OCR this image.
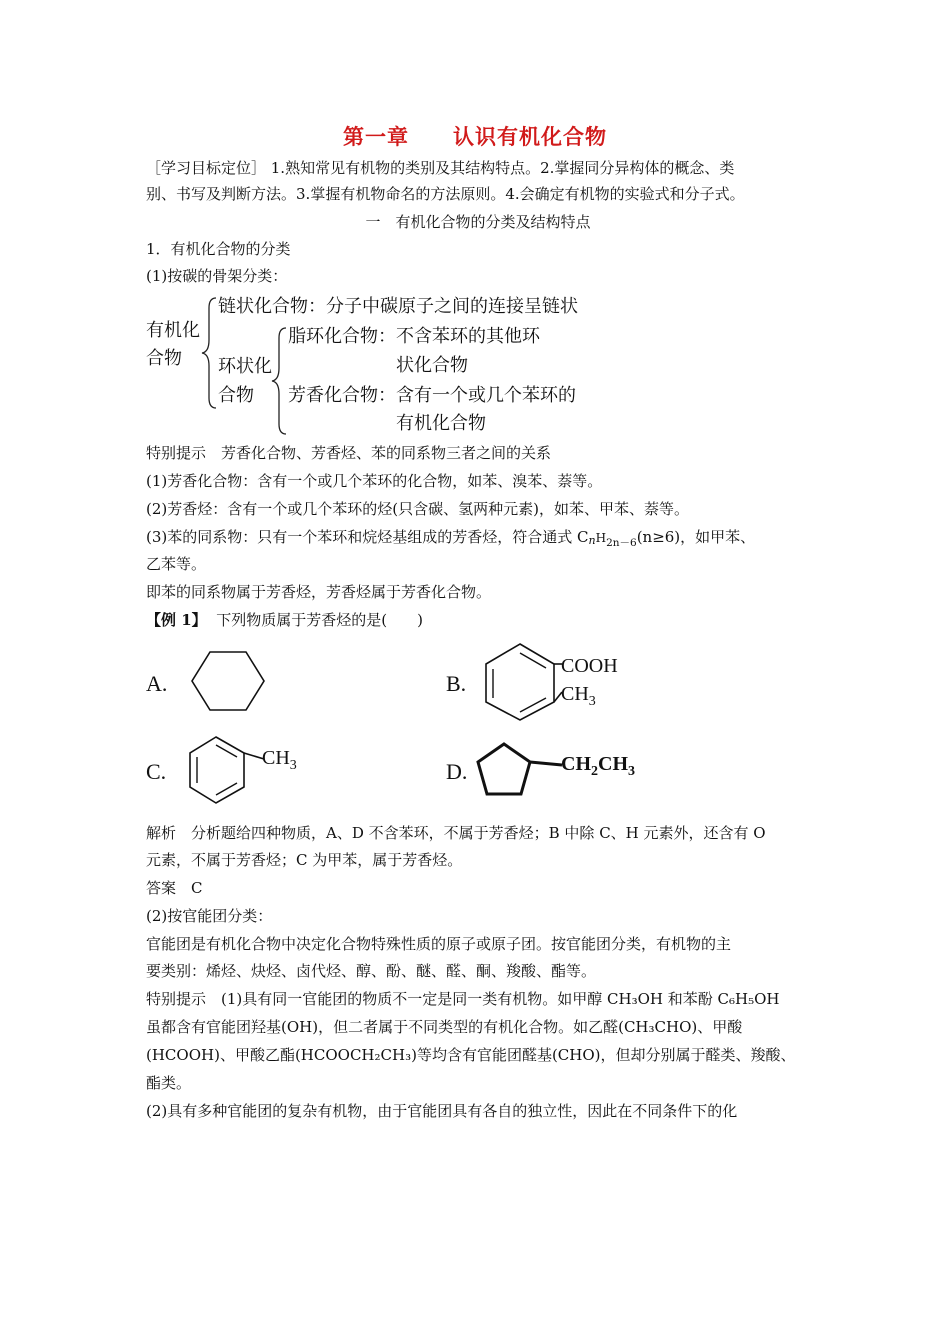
第一章 认识有机化合物
［学习目标定位］ 1.熟知常见有机物的类别及其结构特点。2.掌握同分异构体的概念、类
别、书写及判断方法。3.掌握有机物命名的方法原则。4.会确定有机物的实验式和分子式。
一　有机化合物的分类及结构特点
1．有机化合物的分类
(1)按碳的骨架分类：
有机化
合物
链状化合物：分子中碳原子之间的连接呈链状
环状化
合物
脂环化合物：不含苯环的其他环
状化合物
芳香化合物：含有一个或几个苯环的
有机化合物
特别提示　芳香化合物、芳香烃、苯的同系物三者之间的关系
(1)芳香化合物：含有一个或几个苯环的化合物，如苯、溴苯、萘等。
(2)芳香烃：含有一个或几个苯环的烃(只含碳、氢两种元素)，如苯、甲苯、萘等。
(3)苯的同系物：只有一个苯环和烷烃基组成的芳香烃，符合通式 CnH$_{2n-6}$(n≥6)，如甲苯、
乙苯等。
即苯的同系物属于芳香烃，芳香烃属于芳香化合物。
【例 1】 下列物质属于芳香烃的是(　　)
A.	B.
COOH
$CH_3$
C.
$CH_3$	D.	$CH_2CH_3$
解析　分析题给四种物质，A、D 不含苯环，不属于芳香烃；B 中除 C、H 元素外，还含有 O
元素，不属于芳香烃；C 为甲苯，属于芳香烃。
答案　C
(2)按官能团分类：
官能团是有机化合物中决定化合物特殊性质的原子或原子团。按官能团分类，有机物的主
要类别：烯烃、炔烃、卤代烃、醇、酚、醚、醛、酮、羧酸、酯等。
特别提示　(1)具有同一官能团的物质不一定是同一类有机物。如甲醇 CH₃OH 和苯酚 C₆H₅OH
虽都含有官能团羟基(OH)，但二者属于不同类型的有机化合物。如乙醛(CH₃CHO)、甲酸
(HCOOH)、甲酸乙酯(HCOOCH₂CH₃)等均含有官能团醛基(CHO)，但却分别属于醛类、羧酸、
酯类。
(2)具有多种官能团的复杂有机物，由于官能团具有各自的独立性，因此在不同条件下的化
